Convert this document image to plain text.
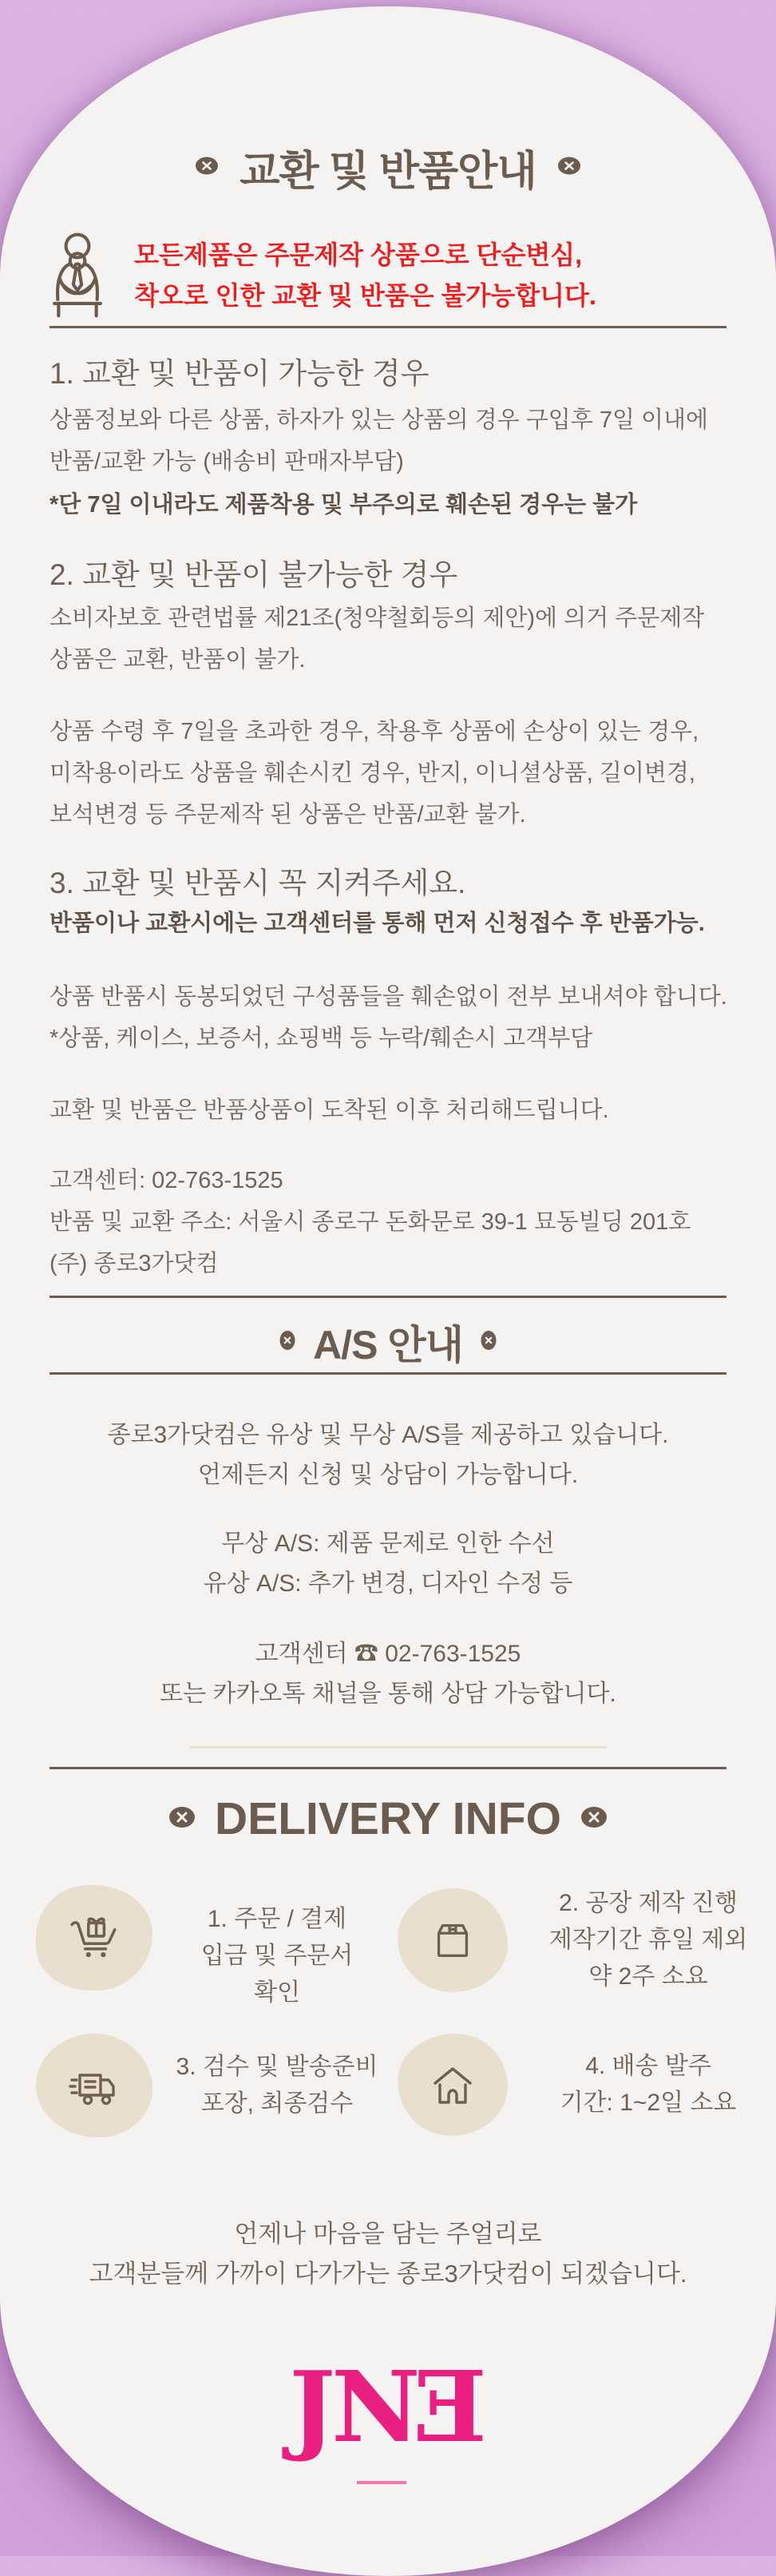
교환 및 반품안내
모든제품은 주문제작 상품으로 단순변심,
착오로 인한 교환 및 반품은 불가능합니다.
1. 교환 및 반품이 가능한 경우
상품정보와 다른 상품, 하자가 있는 상품의 경우 구입후 7일 이내에
반품/교환 가능 (배송비 판매자부담)
*단 7일 이내라도 제품착용 및 부주의로 훼손된 경우는 불가
2. 교환 및 반품이 불가능한 경우
소비자보호 관련법률 제21조(청약철회등의 제안)에 의거 주문제작
상품은 교환, 반품이 불가.
상품 수령 후 7일을 초과한 경우, 착용후 상품에 손상이 있는 경우,
미착용이라도 상품을 훼손시킨 경우, 반지, 이니셜상품, 길이변경,
보석변경 등 주문제작 된 상품은 반품/교환 불가.
3. 교환 및 반품시 꼭 지켜주세요.
반품이나 교환시에는 고객센터를 통해 먼저 신청접수 후 반품가능.
상품 반품시 동봉되었던 구성품들을 훼손없이 전부 보내셔야 합니다.
*상품, 케이스, 보증서, 쇼핑백 등 누락/훼손시 고객부담
교환 및 반품은 반품상품이 도착된 이후 처리해드립니다.
고객센터: 02-763-1525
반품 및 교환 주소: 서울시 종로구 돈화문로 39-1 묘동빌딩 201호
(주) 종로3가닷컴
A/S 안내
종로3가닷컴은 유상 및 무상 A/S를 제공하고 있습니다.
언제든지 신청 및 상담이 가능합니다.
무상 A/S: 제품 문제로 인한 수선
유상 A/S: 추가 변경, 디자인 수정 등
고객센터 ☎ 02-763-1525
또는 카카오톡 채널을 통해 상담 가능합니다.
DELIVERY INFO
1. 주문 / 결제
입금 및 주문서 확인
2. 공장 제작 진행
제작기간 휴일 제외
약 2주 소요
3. 검수 및 발송준비
포장, 최종검수
4. 배송 발주
기간: 1~2일 소요
언제나 마음을 담는 주얼리로
고객분들께 가까이 다가가는 종로3가닷컴이 되겠습니다.
JNE
